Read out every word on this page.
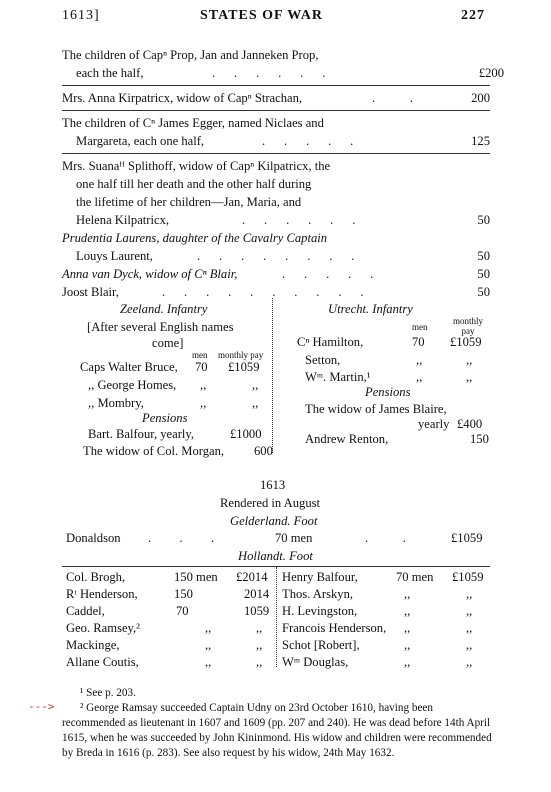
1613]	STATES OF WAR	227
The children of Capⁿ Prop, Jan and Janneken Prop,
each the half,	.      .      .      .      .      .	£200
Mrs. Anna Kirpatricx, widow of Capⁿ Strachan,	.           .	200
The children of Cⁿ James Egger, named Niclaes and
Margareta, each one half,	.      .      .      .      .	125
Mrs. Suanaᴴ Splithoff, widow of Capⁿ Kilpatricx, the
one half till her death and the other half during
the lifetime of her children—Jan, Maria, and
Helena Kilpatricx,	.      .      .      .      .      .	50
Prudentia Laurens, daughter of the Cavalry Captain
Louys Laurent,	.      .      .      .      .      .      .      .	50
Anna van Dyck, widow of Cⁿ Blair,	.      .      .      .      .	50
Joost Blair,	.      .      .      .      .      .      .      .      .      .	50
Zeeland. Infantry
[After several English names
come]
men monthly pay
Caps Walter Bruce, 70 £1059
,, George Homes, ,,	,,
,, Mombry,	,,	,,
Pensions
Bart. Balfour, yearly,	£1000
The widow of Col. Morgan, 600
Utrecht. Infantry
men
monthly pay
Cⁿ Hamilton,	70 £1059
Setton,	,,	,,
Wᵐ. Martin,¹	,,	,,
Pensions
The widow of James Blaire,
yearly £400
Andrew Renton,	150
1613
Rendered in August
Gelderland. Foot
Donaldson .         .         .	70 men	.           .	£1059
Hollandt. Foot
Col. Brogh,	150 men £2014
Rᵗ Henderson,	150	2014
Caddel,	70	1059
Geo. Ramsey,²	,,	,,
Mackinge,	,,	,,
Allane Coutis,	,,	,,
Henry Balfour,	70 men £1059
Thos. Arskyn,	,,	,,
H. Levingston,	,,	,,
Francois Henderson, ,,	,,
Schot [Robert],	,,	,,
Wᵐ Douglas,	,,	,,
¹ See p. 203.
--->	² George Ramsay succeeded Captain Udny on 23rd October 1610, having been recommended as lieutenant in 1607 and 1609 (pp. 207 and 240). He was dead before 14th April 1615, when he was succeeded by John Kininmond. His widow and children were recommended by Breda in 1616 (p. 283). See also request by his widow, 24th May 1632.
